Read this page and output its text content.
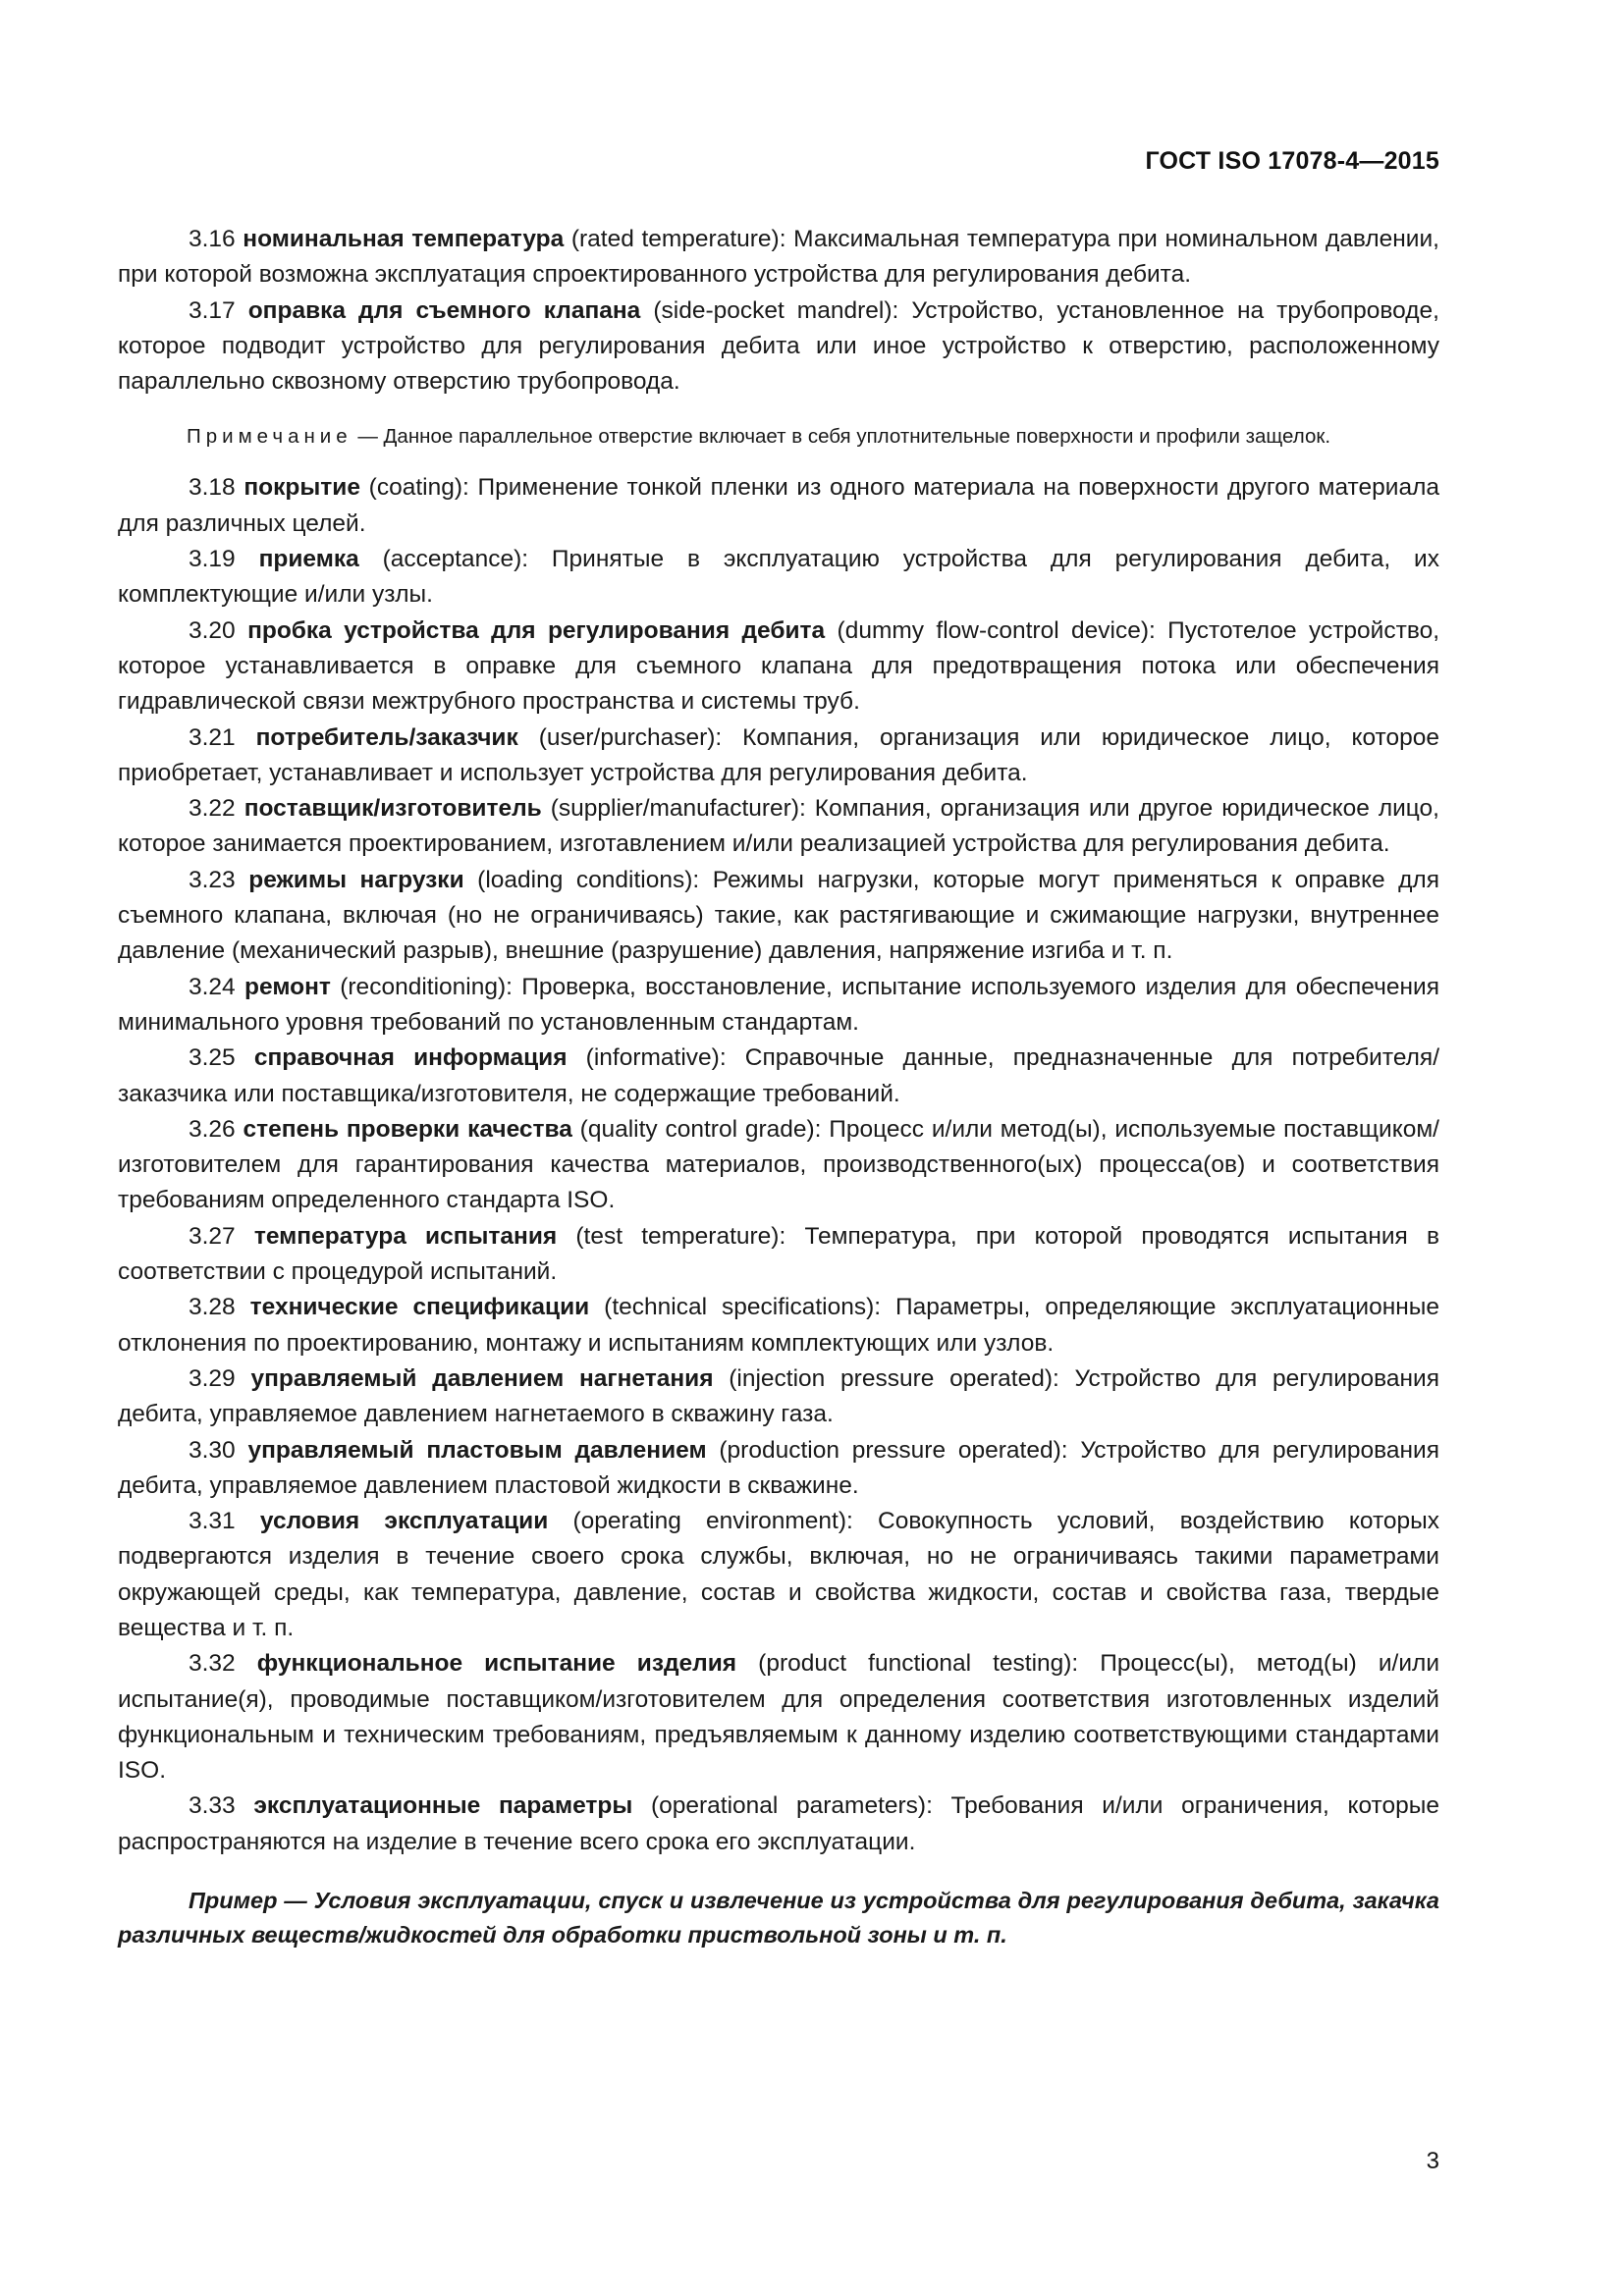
ГОСТ ISO 17078-4—2015

3.16 номинальная температура (rated temperature): Максимальная температура при номинальном давлении, при которой возможна эксплуатация спроектированного устройства для регулирования дебита.

3.17 оправка для съемного клапана (side-pocket mandrel): Устройство, установленное на трубопроводе, которое подводит устройство для регулирования дебита или иное устройство к отверстию, расположенному параллельно сквозному отверстию трубопровода.

Примечание — Данное параллельное отверстие включает в себя уплотнительные поверхности и профили защелок.

3.18 покрытие (coating): Применение тонкой пленки из одного материала на поверхности другого материала для различных целей.

3.19 приемка (acceptance): Принятые в эксплуатацию устройства для регулирования дебита, их комплектующие и/или узлы.

3.20 пробка устройства для регулирования дебита (dummy flow-control device): Пустотелое устройство, которое устанавливается в оправке для съемного клапана для предотвращения потока или обеспечения гидравлической связи межтрубного пространства и системы труб.

3.21 потребитель/заказчик (user/purchaser): Компания, организация или юридическое лицо, которое приобретает, устанавливает и использует устройства для регулирования дебита.

3.22 поставщик/изготовитель (supplier/manufacturer): Компания, организация или другое юридическое лицо, которое занимается проектированием, изготавлением и/или реализацией устройства для регулирования дебита.

3.23 режимы нагрузки (loading conditions): Режимы нагрузки, которые могут применяться к оправке для съемного клапана, включая (но не ограничиваясь) такие, как растягивающие и сжимающие нагрузки, внутреннее давление (механический разрыв), внешние (разрушение) давления, напряжение изгиба и т. п.

3.24 ремонт (reconditioning): Проверка, восстановление, испытание используемого изделия для обеспечения минимального уровня требований по установленным стандартам.

3.25 справочная информация (informative): Справочные данные, предназначенные для потребителя/заказчика или поставщика/изготовителя, не содержащие требований.

3.26 степень проверки качества (quality control grade): Процесс и/или метод(ы), используемые поставщиком/изготовителем для гарантирования качества материалов, производственного(ых) процесса(ов) и соответствия требованиям определенного стандарта ISO.

3.27 температура испытания (test temperature): Температура, при которой проводятся испытания в соответствии с процедурой испытаний.

3.28 технические спецификации (technical specifications): Параметры, определяющие эксплуатационные отклонения по проектированию, монтажу и испытаниям комплектующих или узлов.

3.29 управляемый давлением нагнетания (injection pressure operated): Устройство для регулирования дебита, управляемое давлением нагнетаемого в скважину газа.

3.30 управляемый пластовым давлением (production pressure operated): Устройство для регулирования дебита, управляемое давлением пластовой жидкости в скважине.

3.31 условия эксплуатации (operating environment): Совокупность условий, воздействию которых подвергаются изделия в течение своего срока службы, включая, но не ограничиваясь такими параметрами окружающей среды, как температура, давление, состав и свойства жидкости, состав и свойства газа, твердые вещества и т. п.

3.32 функциональное испытание изделия (product functional testing): Процесс(ы), метод(ы) и/или испытание(я), проводимые поставщиком/изготовителем для определения соответствия изготовленных изделий функциональным и техническим требованиям, предъявляемым к данному изделию соответствующими стандартами ISO.

3.33 эксплуатационные параметры (operational parameters): Требования и/или ограничения, которые распространяются на изделие в течение всего срока его эксплуатации.

Пример — Условия эксплуатации, спуск и извлечение из устройства для регулирования дебита, закачка различных веществ/жидкостей для обработки приствольной зоны и т. п.

3
